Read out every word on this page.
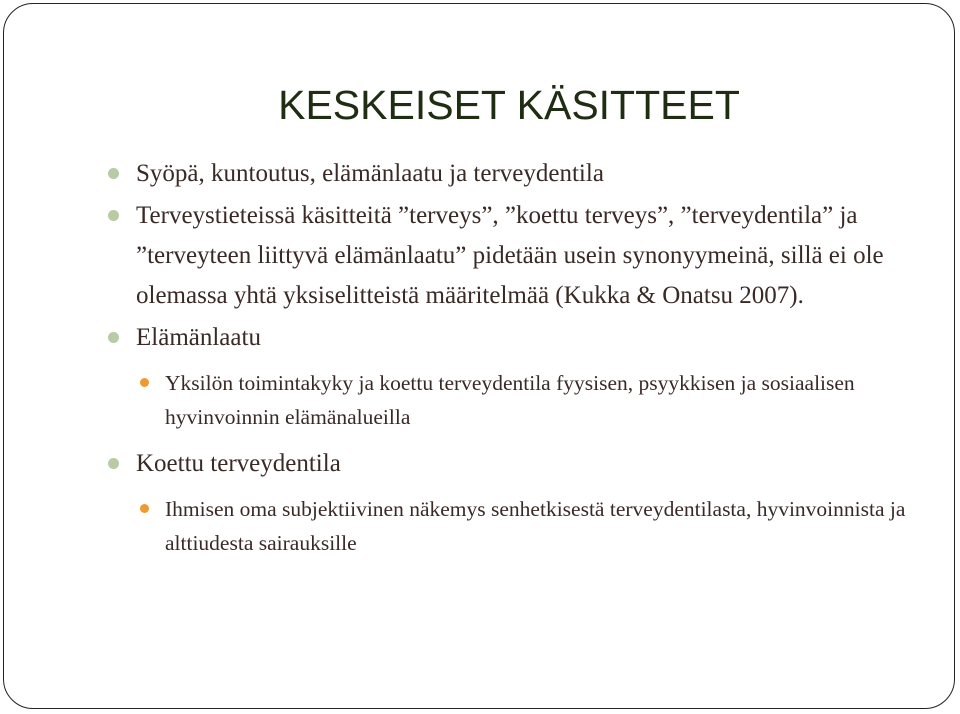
KESKEISET KÄSITTEET
Syöpä, kuntoutus, elämänlaatu ja terveydentila
Terveystieteissä käsitteitä ”terveys”, ”koettu terveys”, ”terveydentila” ja ”terveyteen liittyvä elämänlaatu” pidetään usein synonyymeinä, sillä ei ole olemassa yhtä yksiselitteistä määritelmää (Kukka & Onatsu 2007).
Elämänlaatu
Yksilön toimintakyky ja koettu terveydentila fyysisen, psyykkisen ja sosiaalisen hyvinvoinnin elämänalueilla
Koettu terveydentila
Ihmisen oma subjektiivinen näkemys senhetkisestä terveydentilasta, hyvinvoinnista ja alttiudesta sairauksille
